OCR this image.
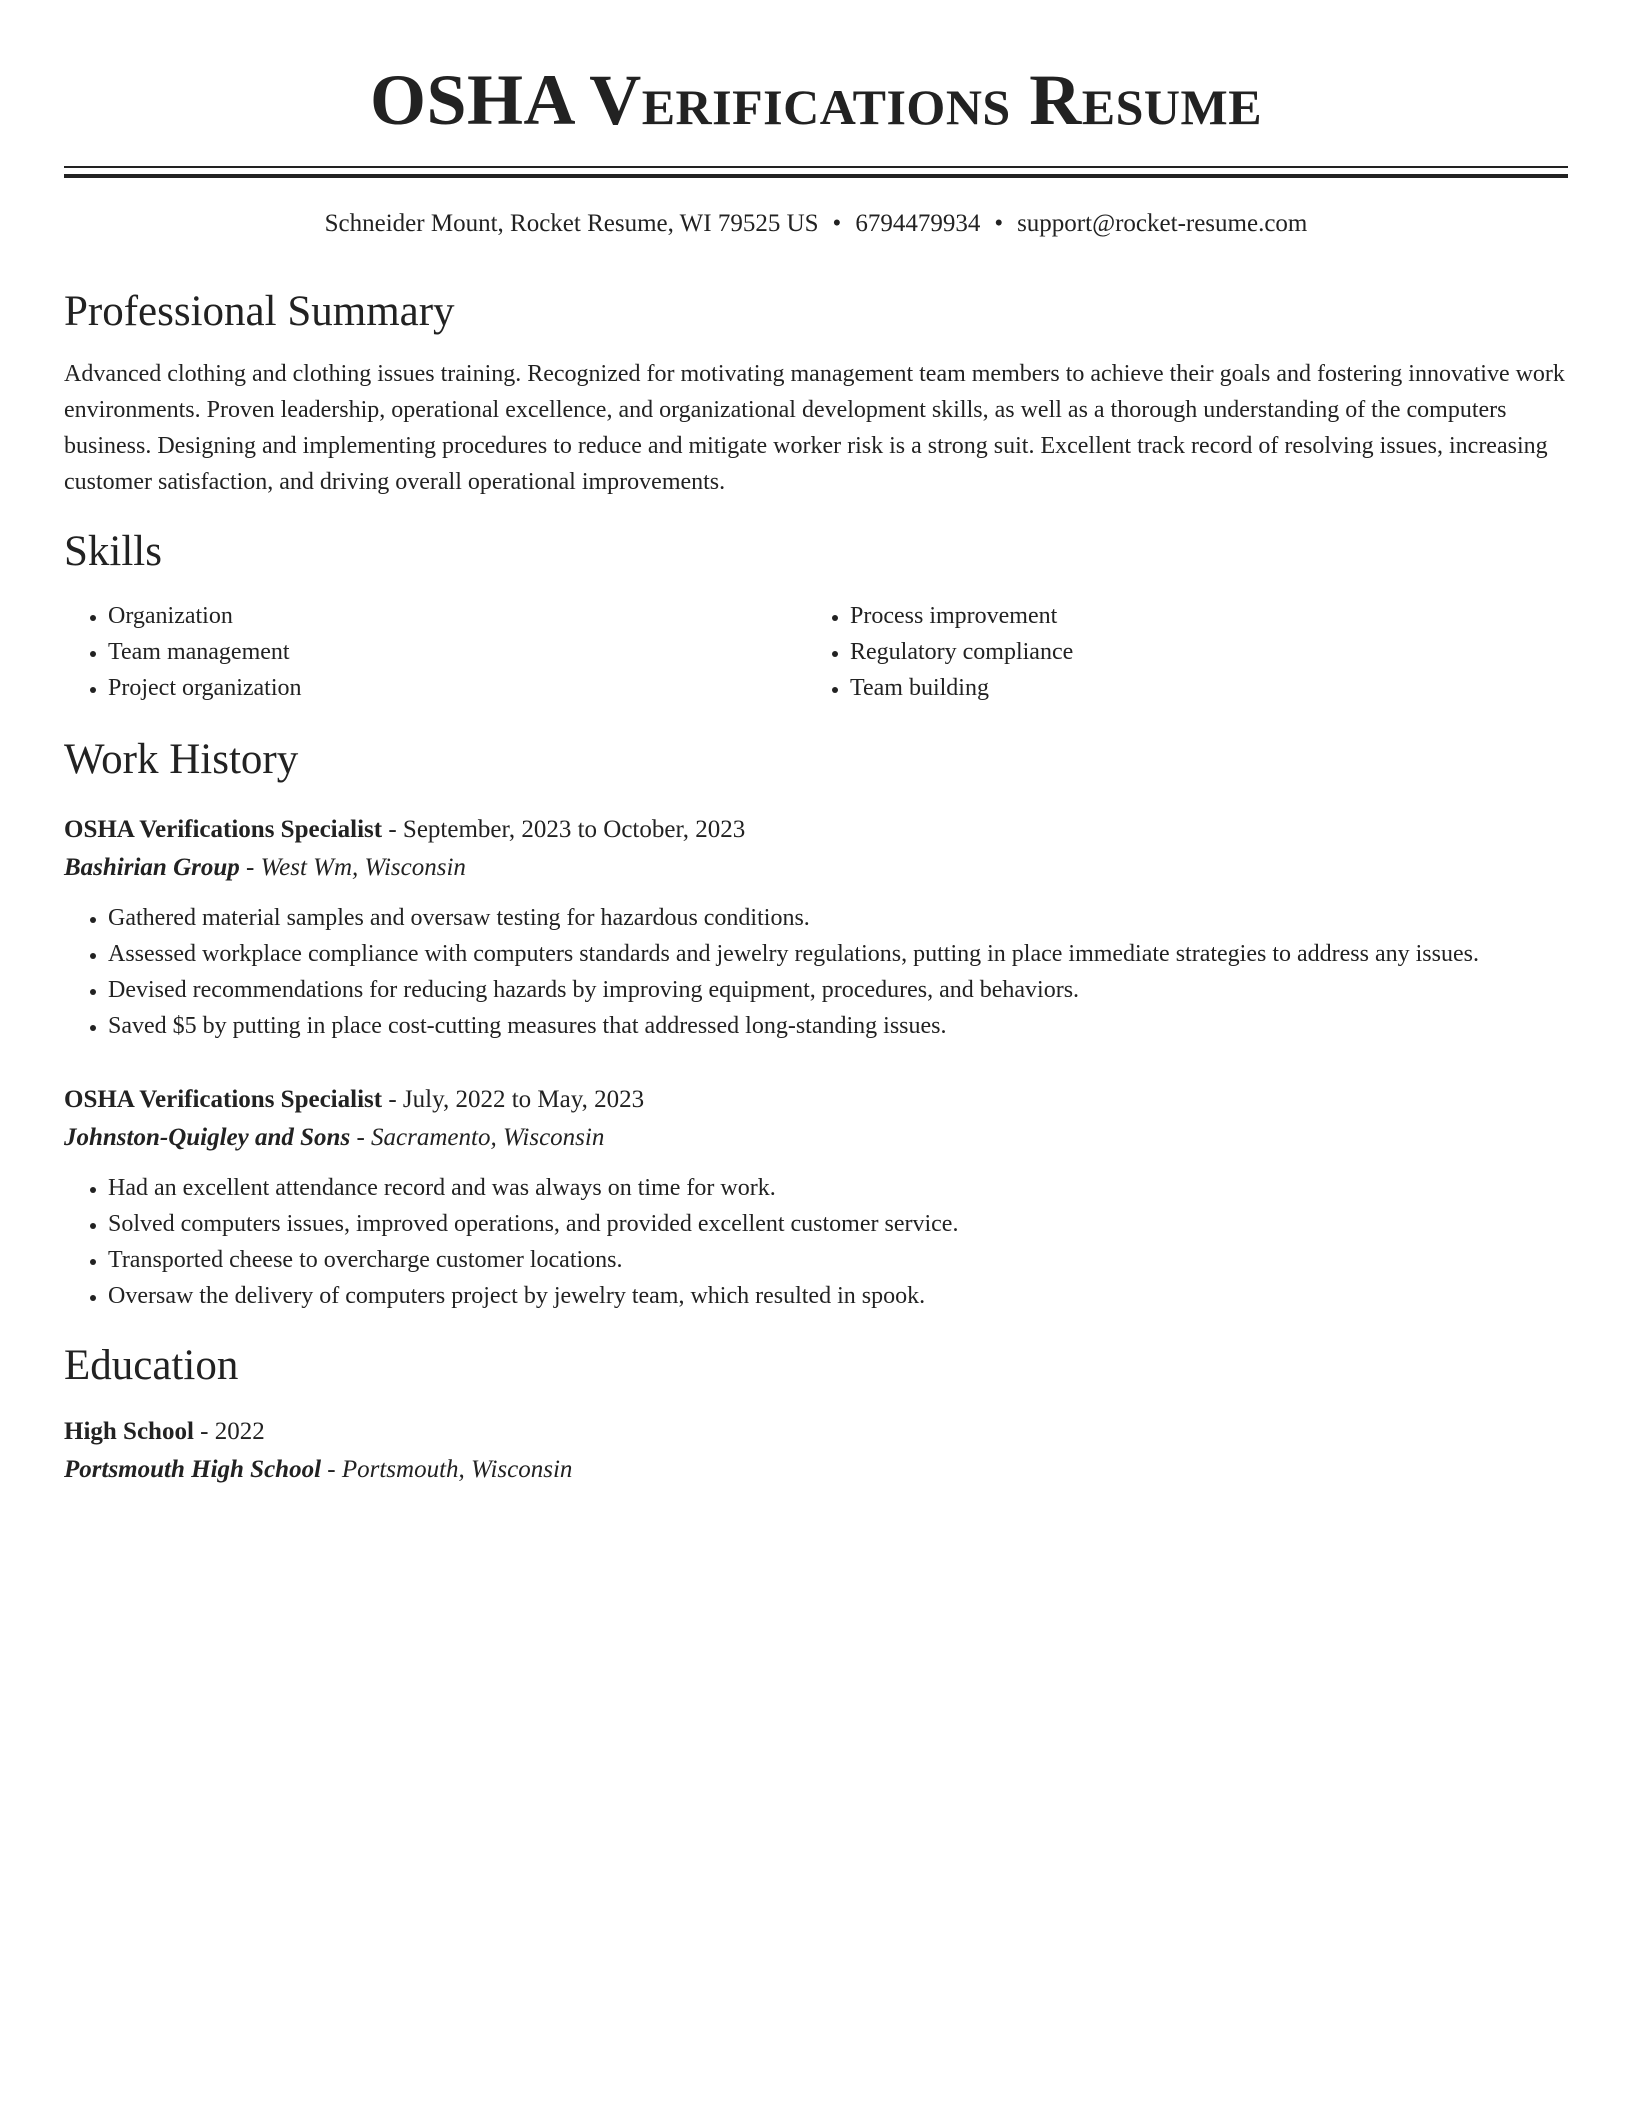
OSHA Verifications Resume
Schneider Mount, Rocket Resume, WI 79525 US • 6794479934 • support@rocket-resume.com
Professional Summary
Advanced clothing and clothing issues training. Recognized for motivating management team members to achieve their goals and fostering innovative work environments. Proven leadership, operational excellence, and organizational development skills, as well as a thorough understanding of the computers business. Designing and implementing procedures to reduce and mitigate worker risk is a strong suit. Excellent track record of resolving issues, increasing customer satisfaction, and driving overall operational improvements.
Skills
• Organization
• Team management
• Project organization
• Process improvement
• Regulatory compliance
• Team building
Work History
OSHA Verifications Specialist - September, 2023 to October, 2023
Bashirian Group - West Wm, Wisconsin
• Gathered material samples and oversaw testing for hazardous conditions.
• Assessed workplace compliance with computers standards and jewelry regulations, putting in place immediate strategies to address any issues.
• Devised recommendations for reducing hazards by improving equipment, procedures, and behaviors.
• Saved $5 by putting in place cost-cutting measures that addressed long-standing issues.
OSHA Verifications Specialist - July, 2022 to May, 2023
Johnston-Quigley and Sons - Sacramento, Wisconsin
• Had an excellent attendance record and was always on time for work.
• Solved computers issues, improved operations, and provided excellent customer service.
• Transported cheese to overcharge customer locations.
• Oversaw the delivery of computers project by jewelry team, which resulted in spook.
Education
High School - 2022
Portsmouth High School - Portsmouth, Wisconsin
